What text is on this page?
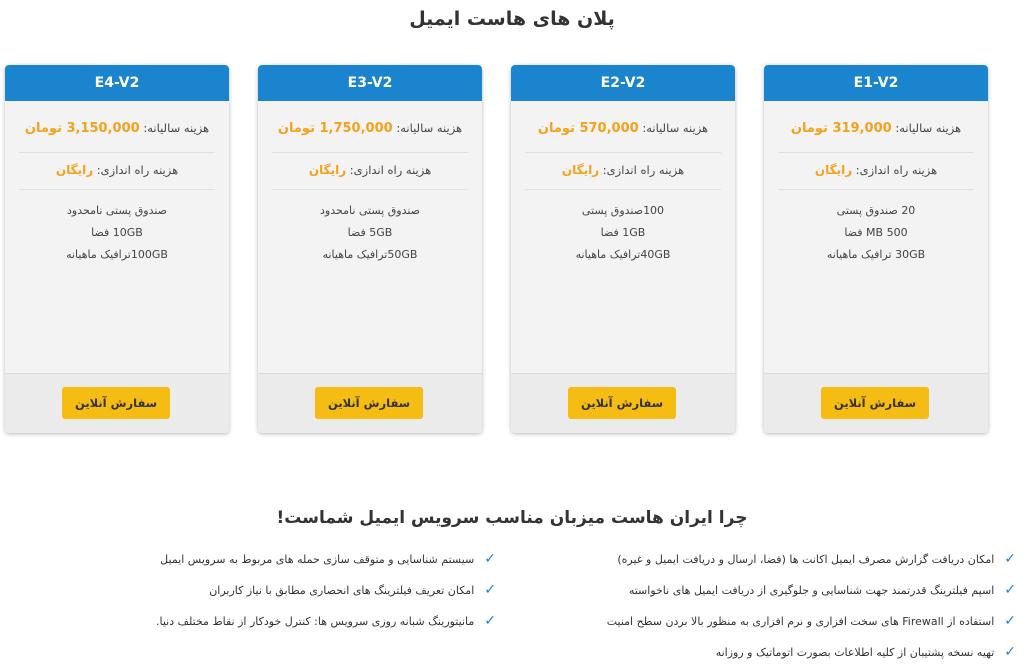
پلان های هاست ایمیل
E1-V2
هزینه سالیانه: 319,000 تومان
هزینه راه اندازی: رایگان
20 صندوق پستی
500 MB فضا
30GB ترافیک ماهیانه
سفارش آنلاین
E2-V2
هزینه سالیانه: 570,000 تومان
هزینه راه اندازی: رایگان
100صندوق پستی
1GB فضا
40GBترافیک ماهیانه
سفارش آنلاین
E3-V2
هزینه سالیانه: 1,750,000 تومان
هزینه راه اندازی: رایگان
صندوق پستی نامحدود
5GB فضا
50GBترافیک ماهیانه
سفارش آنلاین
E4-V2
هزینه سالیانه: 3,150,000 تومان
هزینه راه اندازی: رایگان
صندوق پستی نامحدود
10GB فضا
100GBترافیک ماهیانه
سفارش آنلاین
چرا ایران هاست میزبان مناسب سرویس ایمیل شماست!
✓
امکان دریافت گزارش مصرف ایمیل اکانت ها (فضا، ارسال و دریافت ایمیل و غیره)
✓
اسپم فیلترینگ قدرتمند جهت شناسایی و جلوگیری از دریافت ایمیل های ناخواسته
✓
استفاده از Firewall های سخت افزاری و نرم افزاری به منظور بالا بردن سطح امنیت
✓
تهیه نسخه پشتیبان از کلیه اطلاعات بصورت اتوماتیک و روزانه
✓
سیستم شناسایی و متوقف سازی حمله های مربوط به سرویس ایمیل
✓
امکان تعریف فیلترینگ های انحصاری مطابق با نیاز کاربران
✓
مانیتورینگ شبانه روزی سرویس ها: کنترل خودکار از نقاط مختلف دنیا.
